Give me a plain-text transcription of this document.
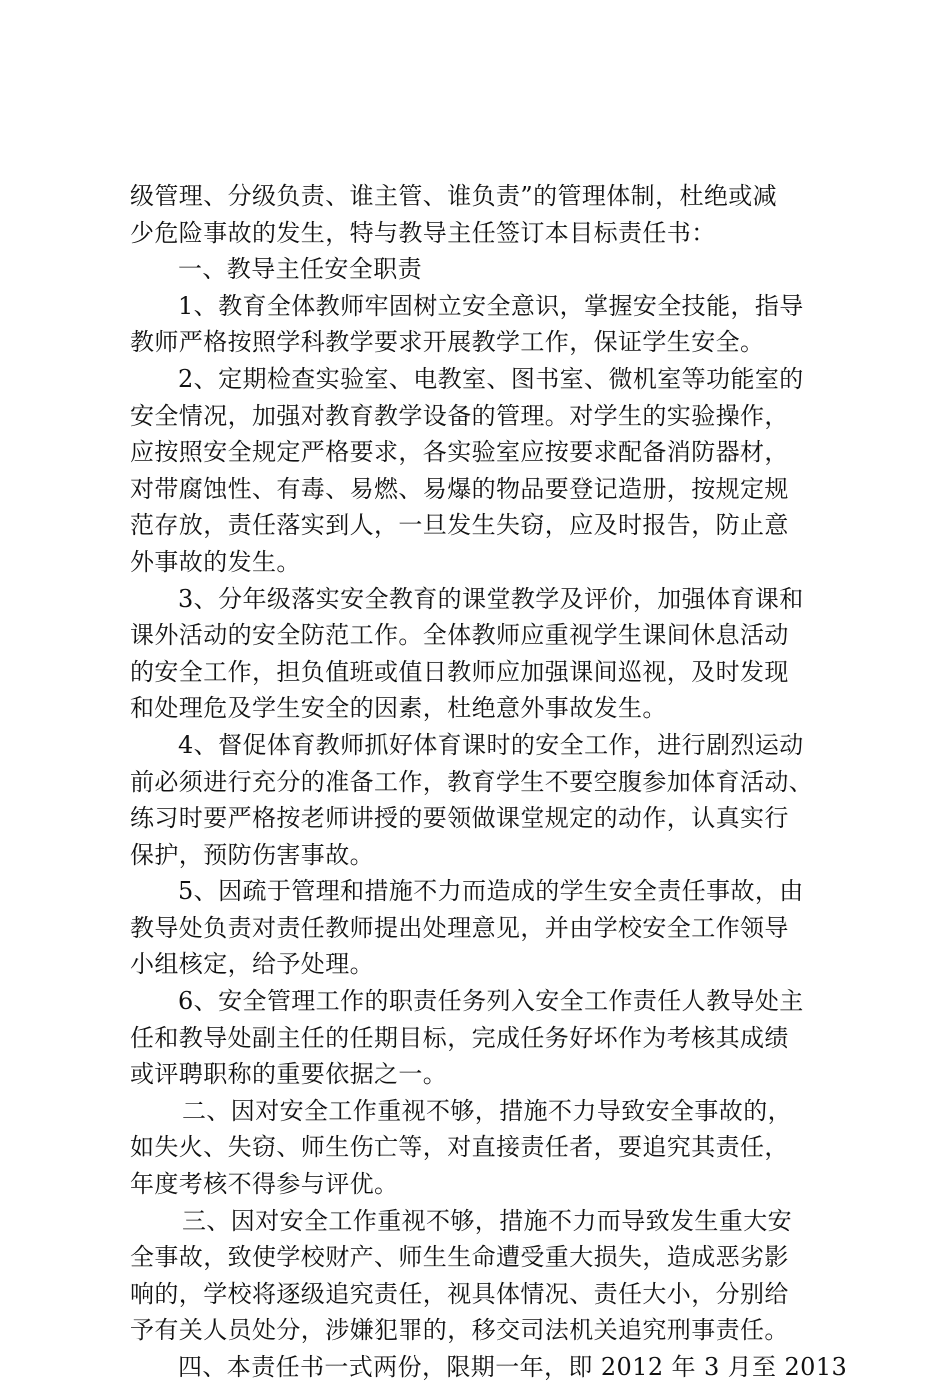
级管理、分级负责、谁主管、谁负责”的管理体制，杜绝或减
少危险事故的发生，特与教导主任签订本目标责任书：
一、教导主任安全职责
1、教育全体教师牢固树立安全意识，掌握安全技能，指导
教师严格按照学科教学要求开展教学工作，保证学生安全。
2、定期检查实验室、电教室、图书室、微机室等功能室的
安全情况，加强对教育教学设备的管理。对学生的实验操作，
应按照安全规定严格要求，各实验室应按要求配备消防器材，
对带腐蚀性、有毒、易燃、易爆的物品要登记造册，按规定规
范存放，责任落实到人，一旦发生失窃，应及时报告，防止意
外事故的发生。
3、分年级落实安全教育的课堂教学及评价，加强体育课和
课外活动的安全防范工作。全体教师应重视学生课间休息活动
的安全工作，担负值班或值日教师应加强课间巡视，及时发现
和处理危及学生安全的因素，杜绝意外事故发生。
4、督促体育教师抓好体育课时的安全工作，进行剧烈运动
前必须进行充分的准备工作，教育学生不要空腹参加体育活动、
练习时要严格按老师讲授的要领做课堂规定的动作，认真实行
保护，预防伤害事故。
5、因疏于管理和措施不力而造成的学生安全责任事故，由
教导处负责对责任教师提出处理意见，并由学校安全工作领导
小组核定，给予处理。
6、安全管理工作的职责任务列入安全工作责任人教导处主
任和教导处副主任的任期目标，完成任务好坏作为考核其成绩
或评聘职称的重要依据之一。
二、因对安全工作重视不够，措施不力导致安全事故的，
如失火、失窃、师生伤亡等，对直接责任者，要追究其责任，
年度考核不得参与评优。
三、因对安全工作重视不够，措施不力而导致发生重大安
全事故，致使学校财产、师生生命遭受重大损失，造成恶劣影
响的，学校将逐级追究责任，视具体情况、责任大小，分别给
予有关人员处分，涉嫌犯罪的，移交司法机关追究刑事责任。
四、本责任书一式两份，限期一年，即 2012 年 3 月至 2013
